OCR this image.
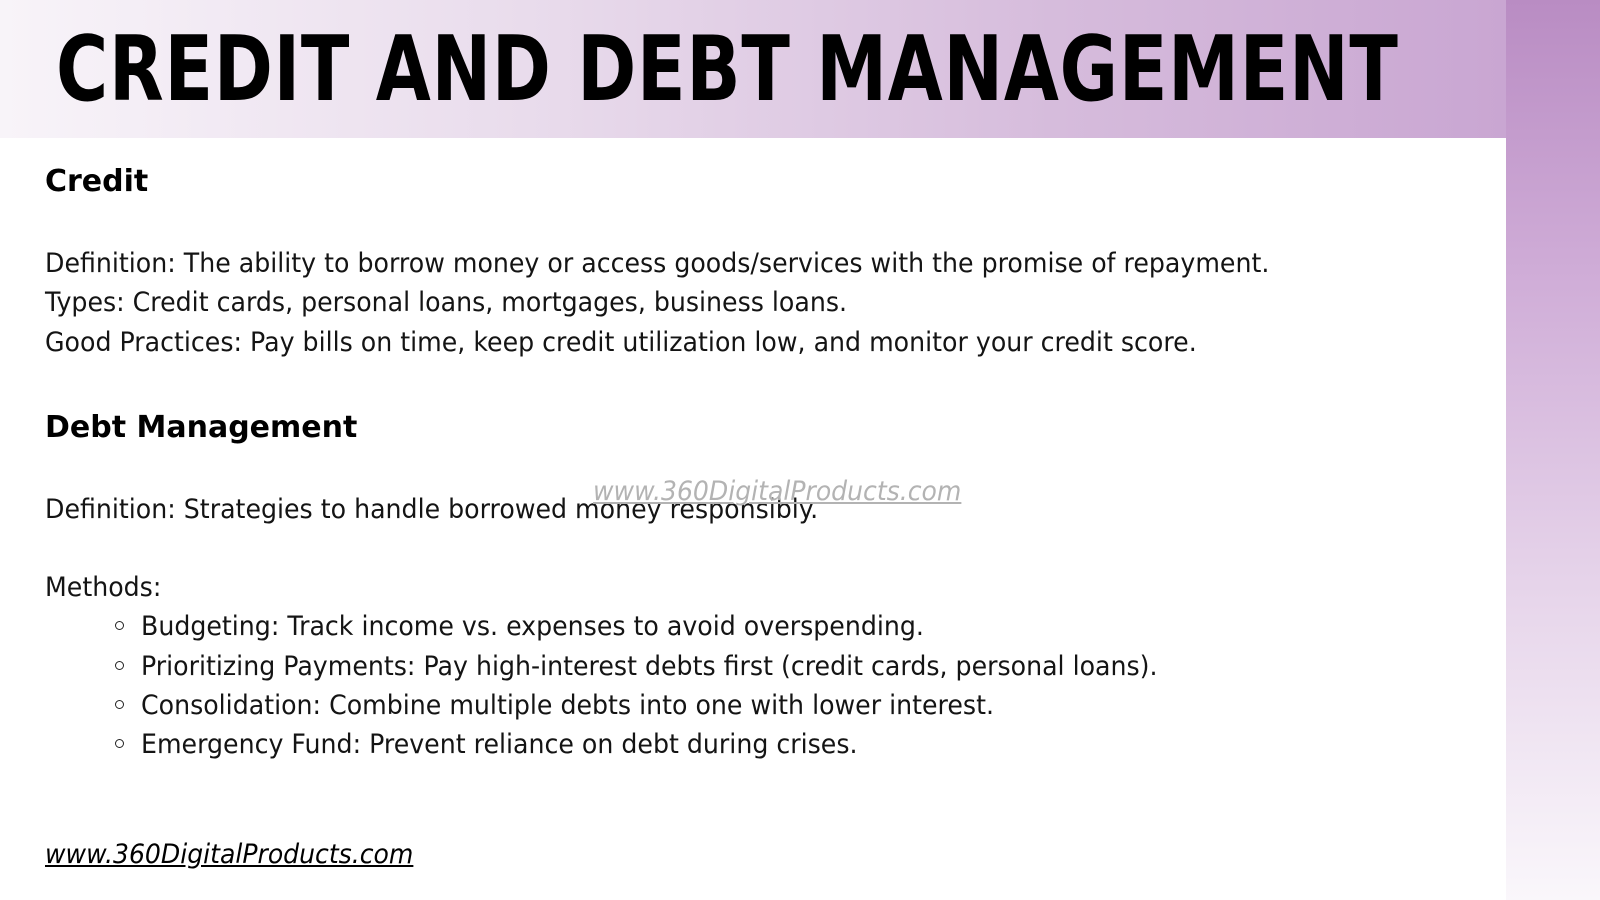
CREDIT AND DEBT MANAGEMENT
Credit

Definition: The ability to borrow money or access goods/services with the promise of repayment.

Types: Credit cards, personal loans, mortgages, business loans.

Good Practices: Pay bills on time, keep credit utilization low, and monitor your credit score.

Debt Management

Definition: Strategies to handle borrowed money responsibly.

Methods:

Budgeting: Track income vs. expenses to avoid overspending.
Prioritizing Payments: Pay high-interest debts first (credit cards, personal loans).
Consolidation: Combine multiple debts into one with lower interest.
Emergency Fund: Prevent reliance on debt during crises.
www.360DigitalProducts.com
www.360DigitalProducts.com
